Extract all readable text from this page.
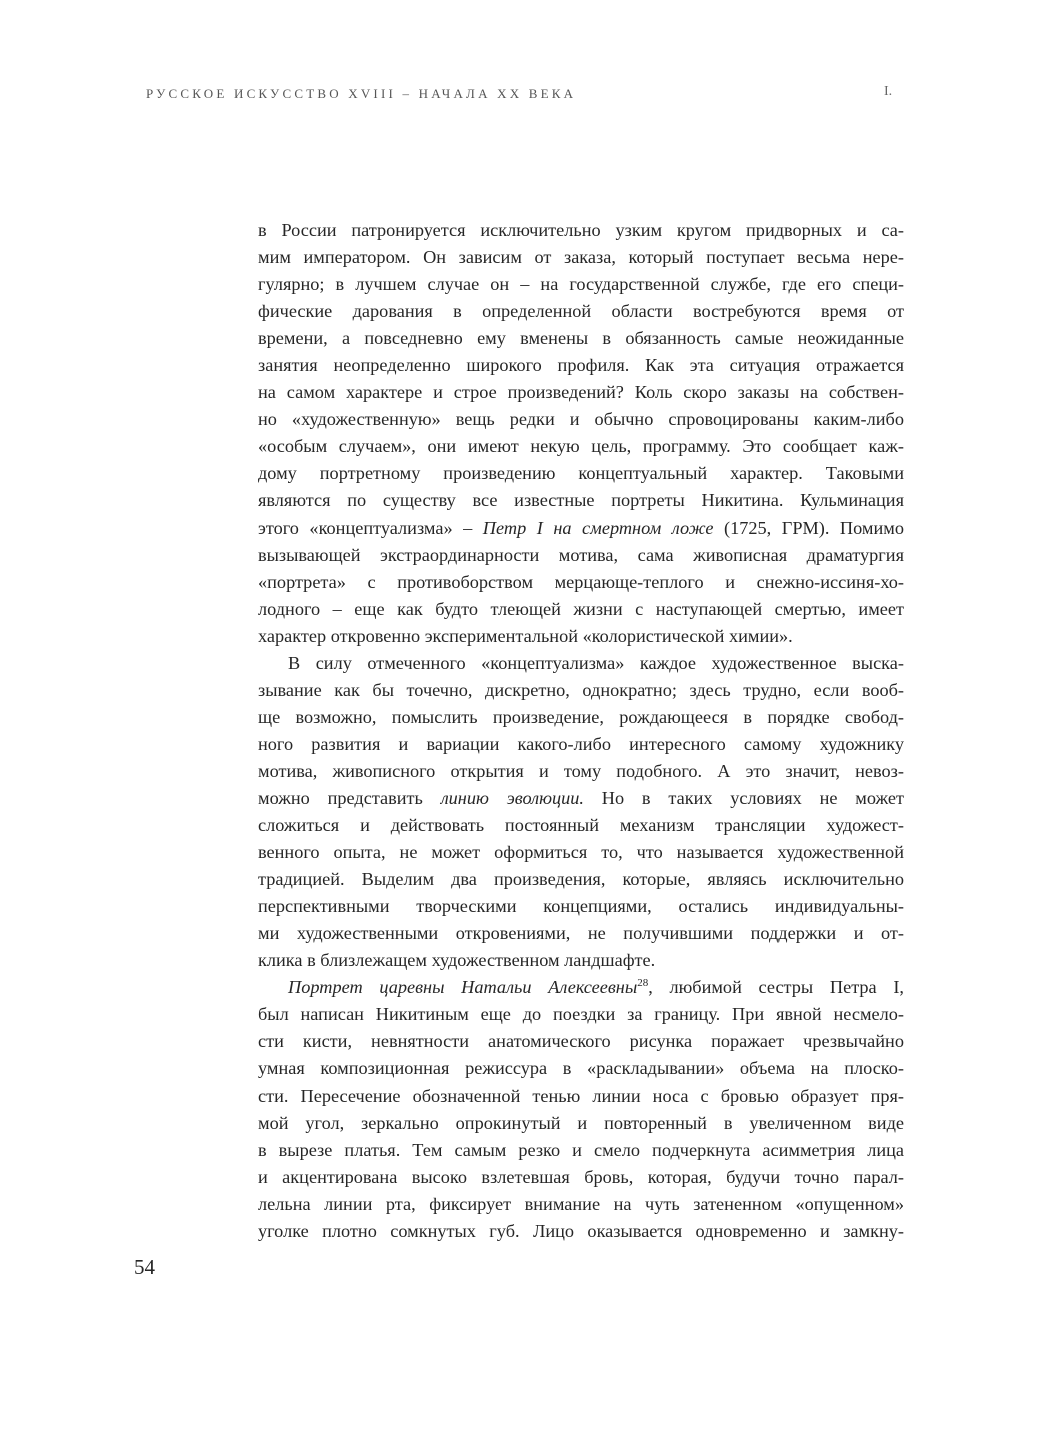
РУССКОЕ ИСКУССТВО XVIII – НАЧАЛА XX ВЕКА	I.
в России патронируется исключительно узким кругом придворных и са-
мим императором. Он зависим от заказа, который поступает весьма нере-
гулярно; в лучшем случае он – на государственной службе, где его специ-
фические дарования в определенной области востребуются время от
времени, а повседневно ему вменены в обязанность самые неожиданные
занятия неопределенно широкого профиля. Как эта ситуация отражается
на самом характере и строе произведений? Коль скоро заказы на собствен-
но «художественную» вещь редки и обычно спровоцированы каким-либо
«особым случаем», они имеют некую цель, программу. Это сообщает каж-
дому портретному произведению концептуальный характер. Таковыми
являются по существу все известные портреты Никитина. Кульминация
этого «концептуализма» – Петр I на смертном ложе (1725, ГРМ). Помимо
вызывающей экстраординарности мотива, сама живописная драматургия
«портрета» с противоборством мерцающе-теплого и снежно-иссиня-хо-
лодного – еще как будто тлеющей жизни с наступающей смертью, имеет
характер откровенно экспериментальной «колористической химии».
В силу отмеченного «концептуализма» каждое художественное выска-
зывание как бы точечно, дискретно, однократно; здесь трудно, если вооб-
ще возможно, помыслить произведение, рождающееся в порядке свобод-
ного развития и вариации какого-либо интересного самому художнику
мотива, живописного открытия и тому подобного. А это значит, невоз-
можно представить линию эволюции. Но в таких условиях не может
сложиться и действовать постоянный механизм трансляции художест-
венного опыта, не может оформиться то, что называется художественной
традицией. Выделим два произведения, которые, являясь исключительно
перспективными творческими концепциями, остались индивидуальны-
ми художественными откровениями, не получившими поддержки и от-
клика в близлежащем художественном ландшафте.
Портрет царевны Натальи Алексеевны$^{28}$, любимой сестры Петра I,
был написан Никитиным еще до поездки за границу. При явной несмело-
сти кисти, невнятности анатомического рисунка поражает чрезвычайно
умная композиционная режиссура в «раскладывании» объема на плоско-
сти. Пересечение обозначенной тенью линии носа с бровью образует пря-
мой угол, зеркально опрокинутый и повторенный в увеличенном виде
в вырезе платья. Тем самым резко и смело подчеркнута асимметрия лица
и акцентирована высоко взлетевшая бровь, которая, будучи точно парал-
лельна линии рта, фиксирует внимание на чуть затененном «опущенном»
уголке плотно сомкнутых губ. Лицо оказывается одновременно и замкну-
54
